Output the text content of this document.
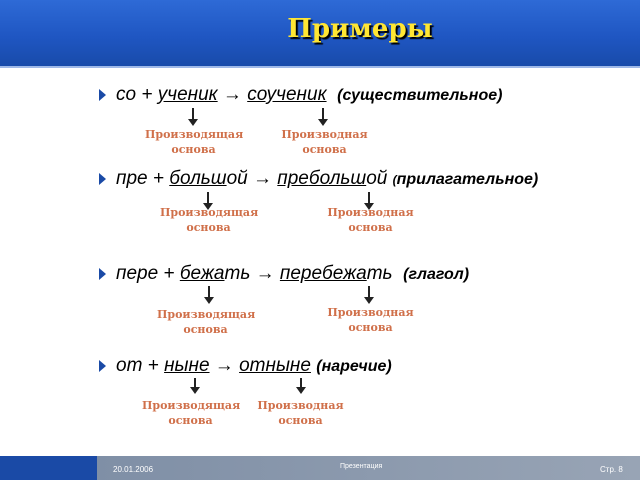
Примеры
со + ученик → соученик (существительное)
Производящая
основа
Производная
основа
пре + большой → пребольшой (прилагательное)
Производящая
основа
Производная
основа
пере + бежать → перебежать (глагол)
Производящая
основа
Производная
основа
от + ныне → отныне (наречие)
Производящая
основа
Производная
основа
20.01.2006	Презентация	Стр. 8
